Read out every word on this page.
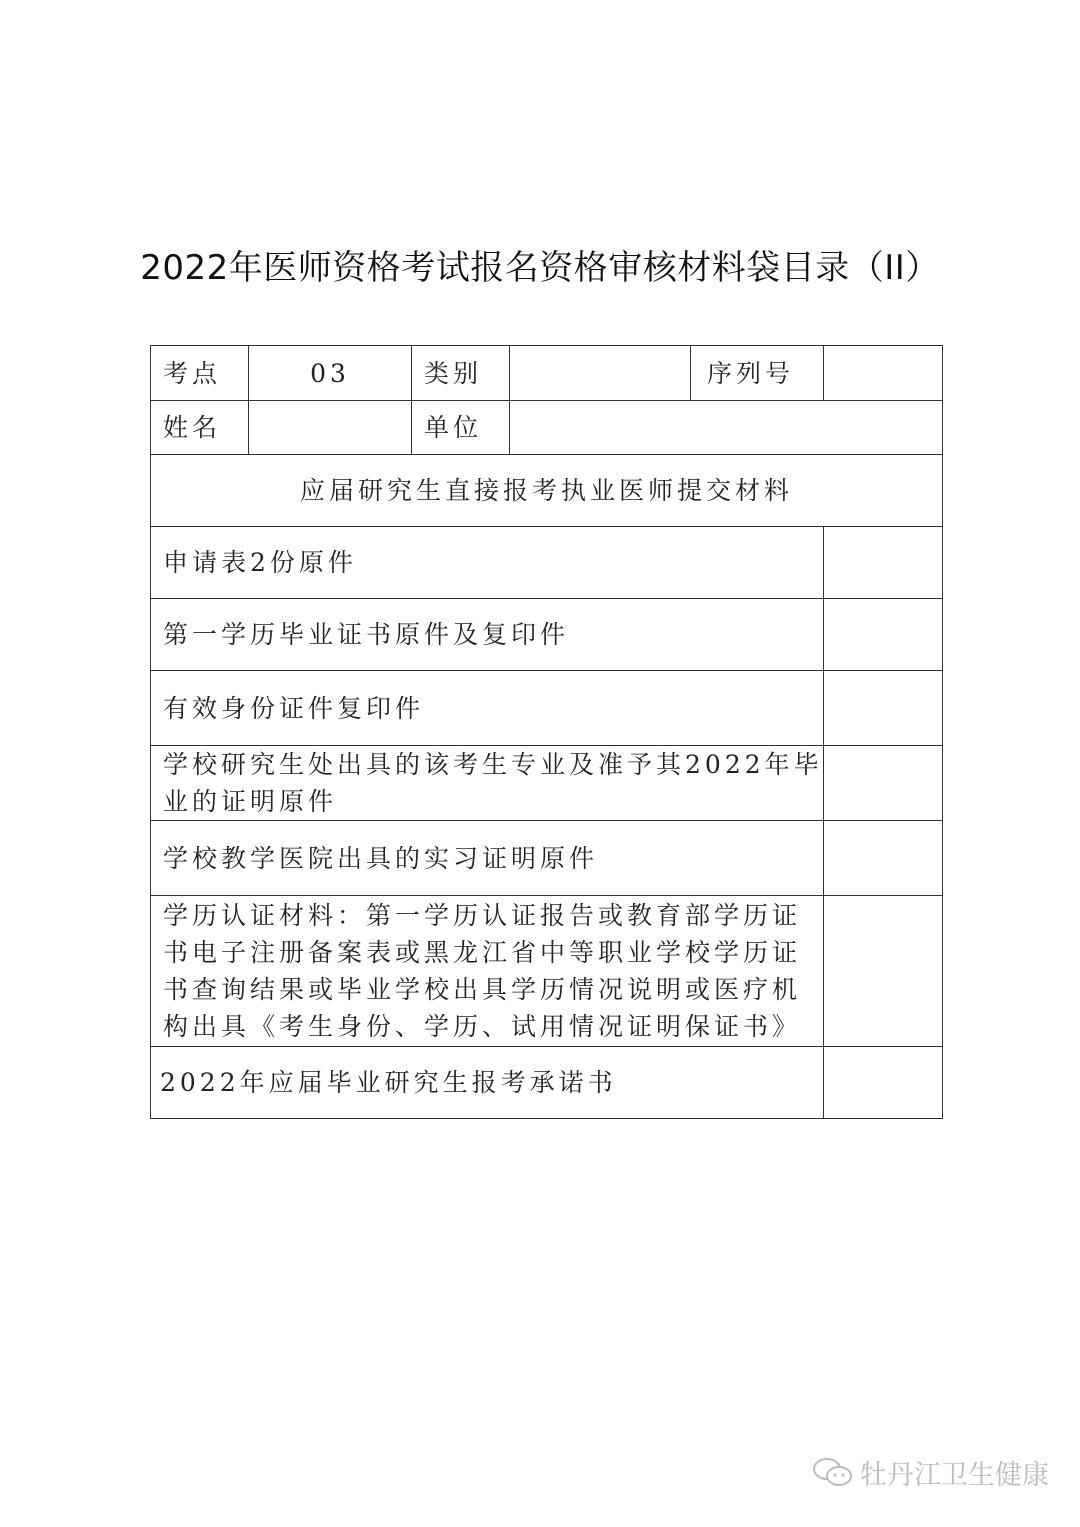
2022年医师资格考试报名资格审核材料袋目录（II）
考点	03	类别		序列号	
姓名		单位			
应届研究生直接报考执业医师提交材料					
申请表2份原件					
第一学历毕业证书原件及复印件					
有效身份证件复印件					
学校研究生处出具的该考生专业及准予其2022年毕业的证明原件					
学校教学医院出具的实习证明原件					
学历认证材料：第一学历认证报告或教育部学历证书电子注册备案表或黑龙江省中等职业学校学历证书查询结果或毕业学校出具学历情况说明或医疗机构出具《考生身份、学历、试用情况证明保证书》					
2022年应届毕业研究生报考承诺书					
牡丹江卫生健康
